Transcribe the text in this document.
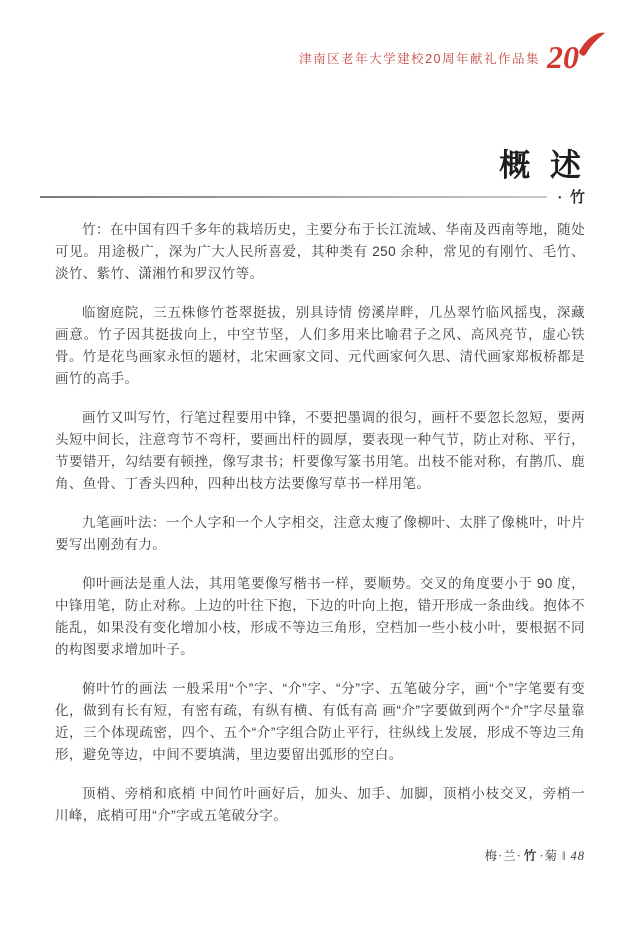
津南区老年大学建校20周年献礼作品集 20
概 述
· 竹

竹：在中国有四千多年的栽培历史，主要分布于长江流域、华南及西南等地，随处可见。用途极广，深为广大人民所喜爱，其种类有 250 余种，常见的有刚竹、毛竹、淡竹、紫竹、潇湘竹和罗汉竹等。

临窗庭院，三五株修竹苍翠挺拔，别具诗情 傍溪岸畔，几丛翠竹临风摇曳，深藏画意。竹子因其挺拔向上，中空节坚，人们多用来比喻君子之风、高风亮节，虚心铁骨。竹是花鸟画家永恒的题材，北宋画家文同、元代画家何久思、清代画家郑板桥都是画竹的高手。

画竹又叫写竹，行笔过程要用中锋，不要把墨调的很匀，画杆不要忽长忽短，要两头短中间长，注意弯节不弯杆，要画出杆的圆厚，要表现一种气节，防止对称、平行，节要错开，勾结要有顿挫，像写隶书；杆要像写篆书用笔。出枝不能对称，有鹊爪、鹿角、鱼骨、丁香头四种，四种出枝方法要像写草书一样用笔。

九笔画叶法：一个人字和一个人字相交，注意太瘦了像柳叶、太胖了像桃叶，叶片要写出刚劲有力。

仰叶画法是重人法，其用笔要像写楷书一样，要顺势。交叉的角度要小于 90 度，中锋用笔，防止对称。上边的叶往下抱，下边的叶向上抱，错开形成一条曲线。抱体不能乱，如果没有变化增加小枝，形成不等边三角形，空档加一些小枝小叶，要根据不同的构图要求增加叶子。

俯叶竹的画法 一般采用“个”字、“介”字、“分”字、五笔破分字，画“个”字笔要有变化，做到有长有短，有密有疏，有纵有横、有低有高 画“介”字要做到两个“介”字尽量靠近，三个体现疏密，四个、五个“介”字组合防止平行，往纵线上发展，形成不等边三角形，避免等边，中间不要填满，里边要留出弧形的空白。

顶梢、旁梢和底梢 中间竹叶画好后，加头、加手、加脚，顶梢小枝交叉，旁梢一川峰，底梢可用“介”字或五笔破分字。

梅·兰· 竹 ·菊 ‖ 48
